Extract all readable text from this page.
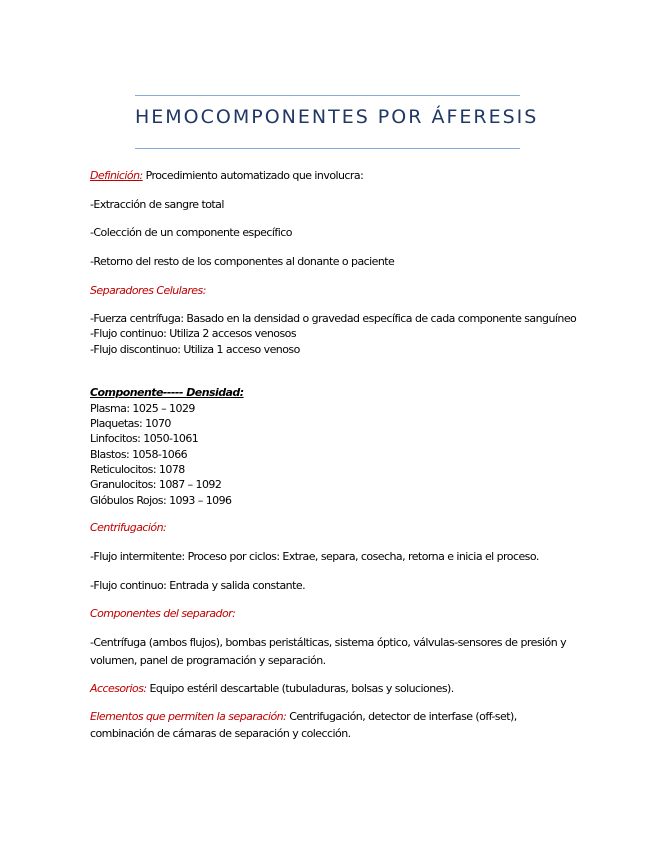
HEMOCOMPONENTES POR ÁFERESIS
Definición: Procedimiento automatizado que involucra:
-Extracción de sangre total
-Colección de un componente específico
-Retorno del resto de los componentes al donante o paciente
Separadores Celulares:
-Fuerza centrífuga: Basado en la densidad o gravedad específica de cada componente sanguíneo
-Flujo continuo: Utiliza 2 accesos venosos
-Flujo discontinuo: Utiliza 1 acceso venoso
Componente----- Densidad:
Plasma: 1025 – 1029
Plaquetas: 1070
Linfocitos: 1050-1061
Blastos: 1058-1066
Reticulocitos: 1078
Granulocitos: 1087 – 1092
Glóbulos Rojos: 1093 – 1096
Centrifugación:
-Flujo intermitente: Proceso por ciclos: Extrae, separa, cosecha, retorna e inicia el proceso.
-Flujo continuo: Entrada y salida constante.
Componentes del separador:
-Centrífuga (ambos flujos), bombas peristálticas, sistema óptico, válvulas-sensores de presión y
volumen, panel de programación y separación.
Accesorios: Equipo estéril descartable (tubuladuras, bolsas y soluciones).
Elementos que permiten la separación: Centrifugación, detector de interfase (off-set),
combinación de cámaras de separación y colección.
